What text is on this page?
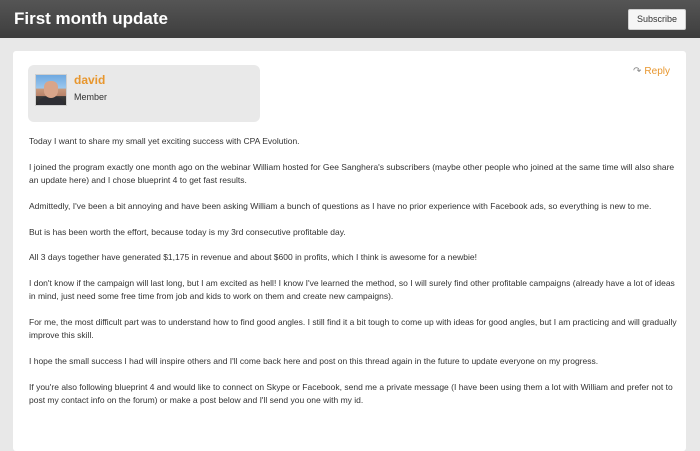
First month update	Subscribe
david
Member
↷ Reply

Today I want to share my small yet exciting success with CPA Evolution.

I joined the program exactly one month ago on the webinar William hosted for Gee Sanghera's subscribers (maybe other people who joined at the same time will also share an update here) and I chose blueprint 4 to get fast results.

Admittedly, I've been a bit annoying and have been asking William a bunch of questions as I have no prior experience with Facebook ads, so everything is new to me.

But is has been worth the effort, because today is my 3rd consecutive profitable day.

All 3 days together have generated $1,175 in revenue and about $600 in profits, which I think is awesome for a newbie!

I don't know if the campaign will last long, but I am excited as hell! I know I've learned the method, so I will surely find other profitable campaigns (already have a lot of ideas in mind, just need some free time from job and kids to work on them and create new campaigns).

For me, the most difficult part was to understand how to find good angles. I still find it a bit tough to come up with ideas for good angles, but I am practicing and will gradually improve this skill.

I hope the small success I had will inspire others and I'll come back here and post on this thread again in the future to update everyone on my progress.

If you're also following blueprint 4 and would like to connect on Skype or Facebook, send me a private message (I have been using them a lot with William and prefer not to post my contact info on the forum) or make a post below and I'll send you one with my id.
